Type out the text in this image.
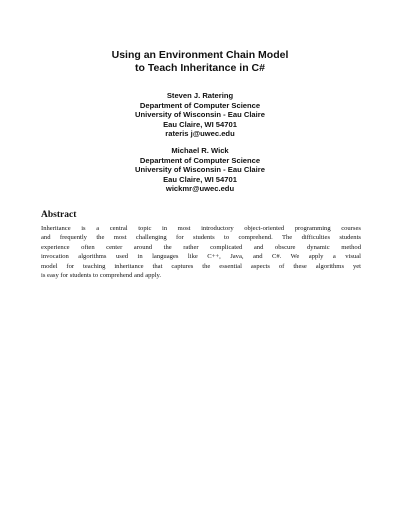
Using an Environment Chain Model
to Teach Inheritance in C#
Steven J. Ratering
Department of Computer Science
University of Wisconsin - Eau Claire
Eau Claire, WI 54701
rateris j@uwec.edu
Michael R. Wick
Department of Computer Science
University of Wisconsin - Eau Claire
Eau Claire, WI 54701
wickmr@uwec.edu
Abstract
Inheritance is a central topic in most introductory object-oriented programming courses
and frequently the most challenging for students to comprehend. The difficulties students
experience often center around the rather complicated and obscure dynamic method
invocation algorithms used in languages like C++, Java, and C#. We apply a visual
model for teaching inheritance that captures the essential aspects of these algorithms yet
is easy for students to comprehend and apply.
